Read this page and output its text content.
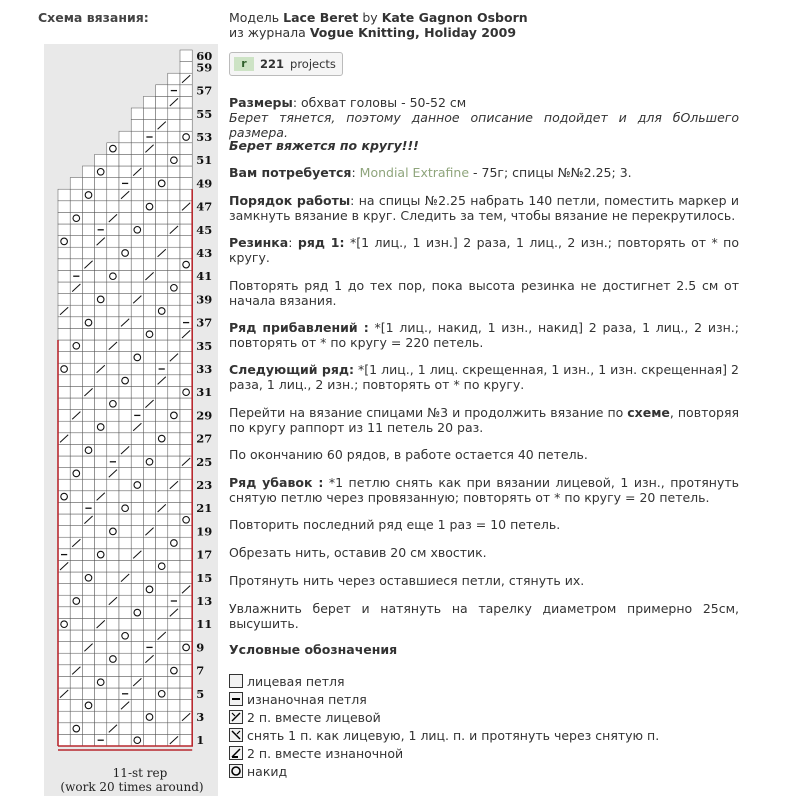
Схема вязания:
60
59
57
55
53
51
49
47
45
43
41
39
37
35
33
31
29
27
25
23
21
19
17
15
13
11
9
7
5
3
1
11-st rep
(work 20 times around)
Модель Lace Beret by Kate Gagnon Osborn
из журнала Vogue Knitting, Holiday 2009
r	221 projects

Размеры: обхват головы - 50-52 см

Берет тянется, поэтому данное описание подойдет и для бОльшего размера.

Берет вяжется по кругу!!!

Вам потребуется: Mondial Extrafine - 75г; спицы №№2.25; 3.

Порядок работы: на спицы №2.25 набрать 140 петли, поместить маркер и замкнуть вязание в круг. Следить за тем, чтобы вязание не перекрутилось.

Резинка: ряд 1: *[1 лиц., 1 изн.] 2 раза, 1 лиц., 2 изн.; повторять от * по кругу.

Повторять ряд 1 до тех пор, пока высота резинка не достигнет 2.5 см от начала вязания.

Ряд прибавлений : *[1 лиц., накид, 1 изн., накид] 2 раза, 1 лиц., 2 изн.; повторять от * по кругу = 220 петель.

Следующий ряд: *[1 лиц., 1 лиц. скрещенная, 1 изн., 1 изн. скрещенная] 2 раза, 1 лиц., 2 изн.; повторять от * по кругу.

Перейти на вязание спицами №3 и продолжить вязание по схеме, повторяя по кругу раппорт из 11 петель 20 раз.

По окончанию 60 рядов, в работе остается 40 петель.

Ряд убавок : *1 петлю снять как при вязании лицевой, 1 изн., протянуть снятую петлю через провязанную; повторять от * по кругу = 20 петель.

Повторить последний ряд еще 1 раз = 10 петель.

Обрезать нить, оставив 20 см хвостик.

Протянуть нить через оставшиеся петли, стянуть их.

Увлажнить берет и натянуть на тарелку диаметром примерно 25см, высушить.

Условные обозначения

лицевая петля
изнаночная петля
2 п. вместе лицевой
снять 1 п. как лицевую, 1 лиц. п. и протянуть через снятую п.
2 п. вместе изнаночной
накид
